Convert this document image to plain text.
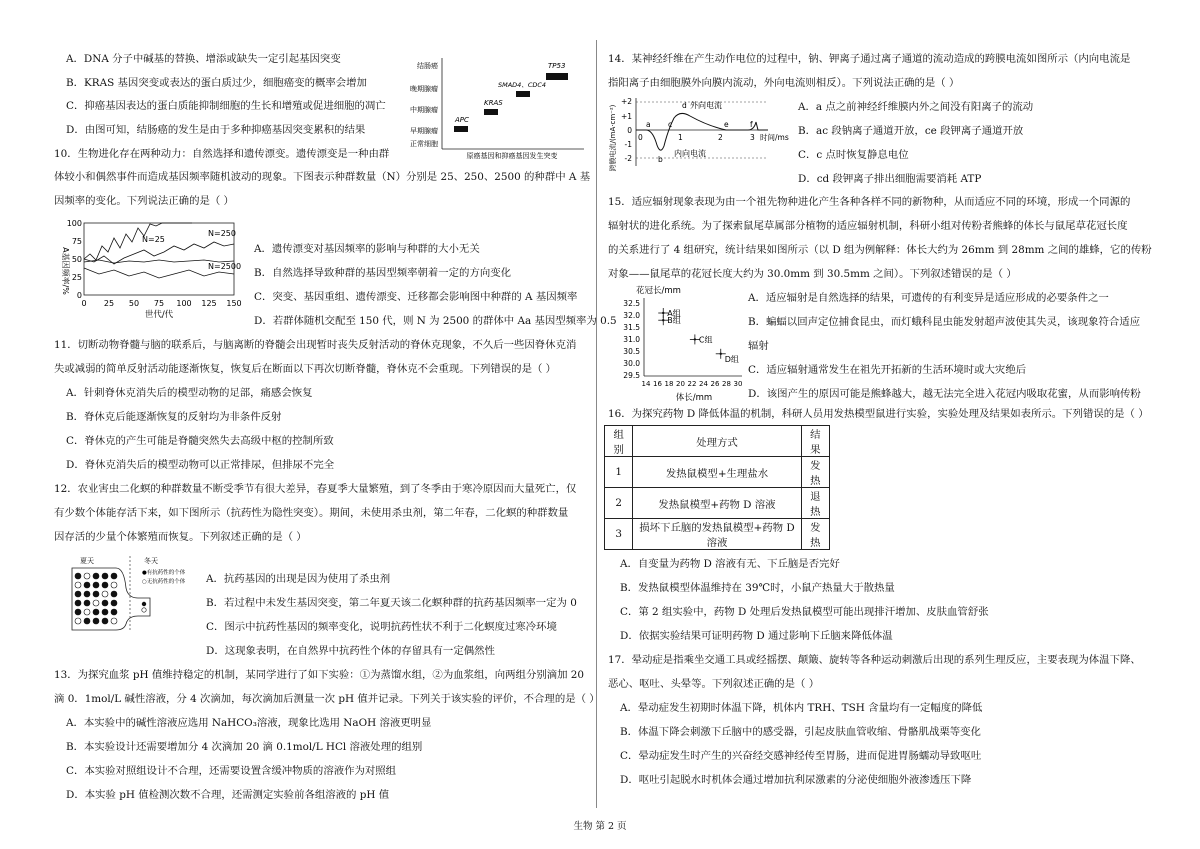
A．DNA 分子中碱基的替换、增添或缺失一定引起基因突变
B．KRAS 基因突变或表达的蛋白质过少，细胞癌变的概率会增加
C．抑癌基因表达的蛋白质能抑制细胞的生长和增殖或促进细胞的凋亡
D．由图可知，结肠癌的发生是由于多种抑癌基因突变累积的结果
结肠癌
晚期腺瘤
中期腺瘤
早期腺瘤
正常细胞
APC
KRAS
SMAD4、CDC4
TP53
原癌基因和抑癌基因发生突变
10．生物进化存在两种动力：自然选择和遗传漂变。遗传漂变是一种由群
体较小和偶然事件而造成基因频率随机波动的现象。下图表示种群数量（N）分别是 25、250、2500 的种群中 A 基
因频率的变化。下列说法正确的是（ ）
A基因频率/%
100
75
50
25
0
N=25
N=250
N=2500
0 25 50 75 100 125 150
世代/代
A．遗传漂变对基因频率的影响与种群的大小无关
B．自然选择导致种群的基因型频率朝着一定的方向变化
C．突变、基因重组、遗传漂变、迁移都会影响图中种群的 A 基因频率
D．若群体随机交配至 150 代，则 N 为 2500 的群体中 Aa 基因型频率为 0.5
11．切断动物脊髓与脑的联系后，与脑离断的脊髓会出现暂时丧失反射活动的脊休克现象，不久后一些因脊休克消
失或减弱的简单反射活动能逐渐恢复，恢复后在断面以下再次切断脊髓，脊休克不会重现。下列错误的是（ ）
A．针刺脊休克消失后的模型动物的足部，痛感会恢复
B．脊休克后能逐渐恢复的反射均为非条件反射
C．脊休克的产生可能是脊髓突然失去高级中枢的控制所致
D．脊休克消失后的模型动物可以正常排尿，但排尿不完全
12．农业害虫二化螟的种群数量不断受季节有很大差异，春夏季大量繁殖，到了冬季由于寒冷原因而大量死亡，仅
有少数个体能存活下来，如下图所示（抗药性为隐性突变）。期间，未使用杀虫剂，第二年春，二化螟的种群数量
因存活的少量个体繁殖而恢复。下列叙述正确的是（ ）
夏天	冬天
●有抗药性的个体
○无抗药性的个体 A．抗药基因的出现是因为使用了杀虫剂
B．若过程中未发生基因突变，第二年夏天该二化螟种群的抗药基因频率一定为 0
C．图示中抗药性基因的频率变化，说明抗药性状不利于二化螟度过寒冷环境
D．这现象表明，在自然界中抗药性个体的存留具有一定偶然性
13．为探究血浆 pH 值维持稳定的机制，某同学进行了如下实验：①为蒸馏水组，②为血浆组，向两组分别滴加 20
滴 0．1mol/L 碱性溶液，分 4 次滴加，每次滴加后测量一次 pH 值并记录。下列关于该实验的评价，不合理的是（ ）
A．本实验中的碱性溶液应选用 NaHCO₃溶液，现象比选用 NaOH 溶液更明显
B．本实验设计还需要增加分 4 次滴加 20 滴 0.1mol/L HCl 溶液处理的组别
C．本实验对照组设计不合理，还需要设置含缓冲物质的溶液作为对照组
D．本实验 pH 值检测次数不合理，还需测定实验前各组溶液的 pH 值
14．某神经纤维在产生动作电位的过程中，钠、钾离子通过离子通道的流动造成的跨膜电流如图所示（内向电流是
指阳离子由细胞膜外向膜内流动，外向电流则相反）。下列说法正确的是（ ）
跨膜电流/(mA·cm⁻²)
+2
+1
0
-1
-2
外向电流
内向电流
a
b
c
d
e	f
0	1	2	3 时间/ms
A．a 点之前神经纤维膜内外之间没有阳离子的流动
B．ac 段钠离子通道开放，ce 段钾离子通道开放
C．c 点时恢复静息电位
D．cd 段钾离子排出细胞需要消耗 ATP
15．适应辐射现象表现为由一个祖先物种进化产生各种各样不同的新物种，从而适应不同的环境，形成一个同源的
辐射状的进化系统。为了探索鼠尾草属部分植物的适应辐射机制，科研小组对传粉者熊蜂的体长与鼠尾草花冠长度
的关系进行了 4 组研究，统计结果如图所示（以 D 组为例解释：体长大约为 26mm 到 28mm 之间的雄蜂，它的传粉
对象——鼠尾草的花冠长度大约为 30.0mm 到 30.5mm 之间）。下列叙述错误的是（ ）
花冠长/mm
32.5
32.0
31.5
31.0
30.5
30.0
29.5
A组
B组
C组
D组
14 16 18 20 22 24 26 28 30
体长/mm
A．适应辐射是自然选择的结果，可遗传的有利变异是适应形成的必要条件之一
B．蝙蝠以回声定位捕食昆虫，而灯蛾科昆虫能发射超声波使其失灵，该现象符合适应
辐射
C．适应辐射通常发生在祖先开拓新的生活环境时或大灾绝后
D．该图产生的原因可能是熊蜂越大，越无法完全进入花冠内吸取花蜜，从而影响传粉
16．为探究药物 D 降低体温的机制，科研人员用发热模型鼠进行实验，实验处理及结果如表所示。下列错误的是（ ）
组别	处理方式	结果
1	发热鼠模型+生理盐水	发热
2	发热鼠模型+药物 D 溶液	退热
3	损坏下丘脑的发热鼠模型+药物 D 溶液	发热
A．自变量为药物 D 溶液有无、下丘脑是否完好
B．发热鼠模型体温维持在 39℃时，小鼠产热量大于散热量
C．第 2 组实验中，药物 D 处理后发热鼠模型可能出现排汗增加、皮肤血管舒张
D．依据实验结果可证明药物 D 通过影响下丘脑来降低体温
17．晕动症是指乘坐交通工具或经摇摆、颠簸、旋转等各种运动刺激后出现的系列生理反应，主要表现为体温下降、
恶心、呕吐、头晕等。下列叙述正确的是（ ）
A．晕动症发生初期时体温下降，机体内 TRH、TSH 含量均有一定幅度的降低
B．体温下降会刺激下丘脑中的感受器，引起皮肤血管收缩、骨骼肌战栗等变化
C．晕动症发生时产生的兴奋经交感神经传至胃肠，进而促进胃肠蠕动导致呕吐
D．呕吐引起脱水时机体会通过增加抗利尿激素的分泌使细胞外液渗透压下降
生物 第 2 页
